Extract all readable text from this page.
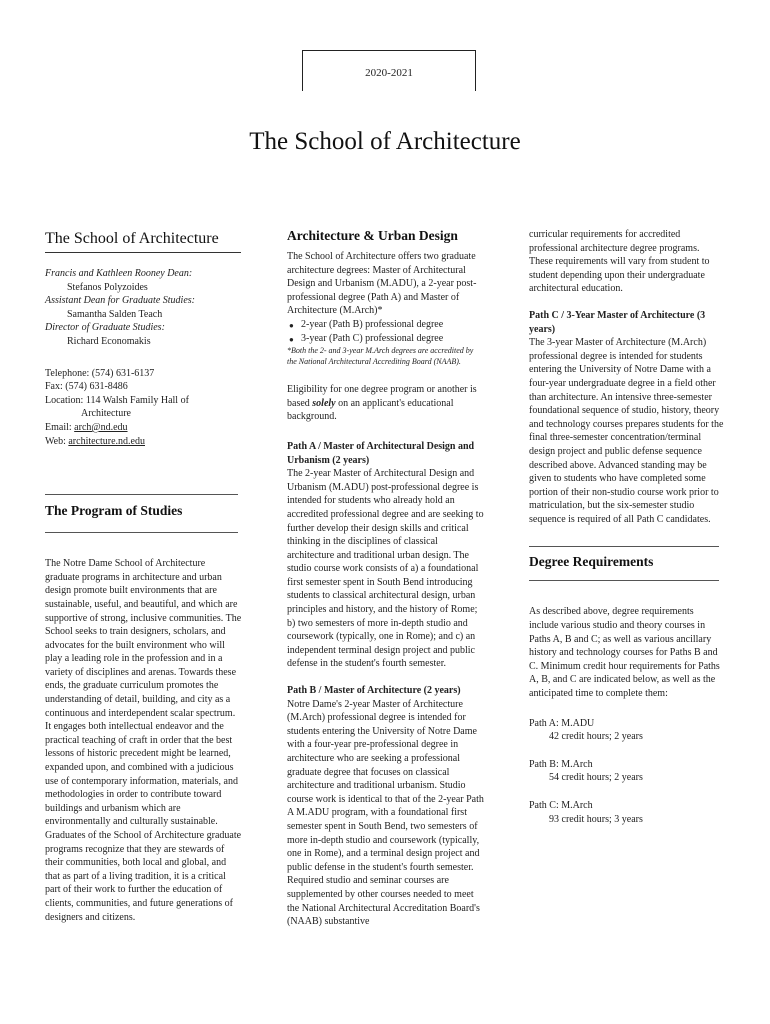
2020-2021
The School of Architecture
The School of Architecture
Francis and Kathleen Rooney Dean:
Stefanos Polyzoides
Assistant Dean for Graduate Studies:
Samantha Salden Teach
Director of Graduate Studies:
Richard Economakis
Telephone: (574) 631-6137
Fax: (574) 631-8486
Location: 114 Walsh Family Hall of
Architecture
Email: arch@nd.edu
Web: architecture.nd.edu
The Program of Studies

The Notre Dame School of Architecture graduate programs in architecture and urban design promote built environments that are sustainable, useful, and beautiful, and which are supportive of strong, inclusive communities. The School seeks to train designers, scholars, and advocates for the built environment who will play a leading role in the profession and in a variety of disciplines and arenas. Towards these ends, the graduate curriculum promotes the understanding of detail, building, and city as a continuous and interdependent scalar spectrum. It engages both intellectual endeavor and the practical teaching of craft in order that the best lessons of historic precedent might be learned, expanded upon, and combined with a judicious use of contemporary information, materials, and methodologies in order to contribute toward buildings and urbanism which are environmentally and culturally sustainable. Graduates of the School of Architecture graduate programs recognize that they are stewards of their communities, both local and global, and that as part of a living tradition, it is a critical part of their work to further the education of clients, communities, and future generations of designers and citizens.

Architecture & Urban Design

The School of Architecture offers two graduate architecture degrees: Master of Architectural Design and Urbanism (M.ADU), a 2-year post-professional degree (Path A) and Master of Architecture (M.Arch)*

● 2-year (Path B) professional degree
● 3-year (Path C) professional degree

*Both the 2- and 3-year M.Arch degrees are accredited by the National Architectural Accrediting Board (NAAB).

Eligibility for one degree program or another is based solely on an applicant's educational background.

Path A / Master of Architectural Design and Urbanism (2 years)

The 2-year Master of Architectural Design and Urbanism (M.ADU) post-professional degree is intended for students who already hold an accredited professional degree and are seeking to further develop their design skills and critical thinking in the disciplines of classical architecture and traditional urban design. The studio course work consists of a) a foundational first semester spent in South Bend introducing students to classical architectural design, urban principles and history, and the history of Rome; b) two semesters of more in-depth studio and coursework (typically, one in Rome); and c) an independent terminal design project and public defense in the student's fourth semester.

Path B / Master of Architecture (2 years)

Notre Dame's 2-year Master of Architecture (M.Arch) professional degree is intended for students entering the University of Notre Dame with a four-year pre-professional degree in architecture who are seeking a professional graduate degree that focuses on classical architecture and traditional urbanism. Studio course work is identical to that of the 2-year Path A M.ADU program, with a foundational first semester spent in South Bend, two semesters of more in-depth studio and coursework (typically, one in Rome), and a terminal design project and public defense in the student's fourth semester. Required studio and seminar courses are supplemented by other courses needed to meet the National Architectural Accreditation Board's (NAAB) substantive

curricular requirements for accredited professional architecture degree programs. These requirements will vary from student to student depending upon their undergraduate architectural education.

Path C / 3-Year Master of Architecture (3 years)

The 3-year Master of Architecture (M.Arch) professional degree is intended for students entering the University of Notre Dame with a four-year undergraduate degree in a field other than architecture. An intensive three-semester foundational sequence of studio, history, theory and technology courses prepares students for the final three-semester concentration/terminal design project and public defense sequence described above. Advanced standing may be given to students who have completed some portion of their non-studio course work prior to matriculation, but the six-semester studio sequence is required of all Path C candidates.

Degree Requirements

As described above, degree requirements include various studio and theory courses in Paths A, B and C; as well as various ancillary history and technology courses for Paths B and C. Minimum credit hour requirements for Paths A, B, and C are indicated below, as well as the anticipated time to complete them:

Path A: M.ADU
42 credit hours; 2 years
Path B: M.Arch
54 credit hours; 2 years
Path C: M.Arch
93 credit hours; 3 years
